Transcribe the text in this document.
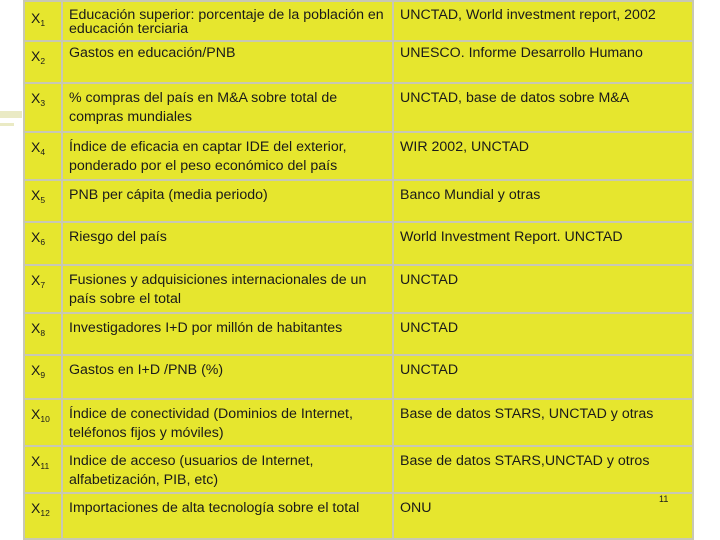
$X_1$	Educación superior: porcentaje de la población en educación terciaria	UNCTAD, World investment report, 2002
$X_2$	Gastos en educación/PNB	UNESCO. Informe Desarrollo Humano
$X_3$	% compras del país en M&A sobre total de compras mundiales	UNCTAD, base de datos sobre M&A
$X_4$	Índice de eficacia en captar IDE del exterior, ponderado por el peso económico del país	WIR 2002, UNCTAD
$X_5$	PNB per cápita (media periodo)	Banco Mundial y otras
$X_6$	Riesgo del país	World Investment Report. UNCTAD
$X_7$	Fusiones y adquisiciones internacionales de un país sobre el total	UNCTAD
$X_8$	Investigadores I+D por millón de habitantes	UNCTAD
$X_9$	Gastos en I+D /PNB (%)	UNCTAD
$X_{10}$	Índice de conectividad (Dominios de Internet, teléfonos fijos y móviles)	Base de datos STARS, UNCTAD y otras
$X_{11}$	Indice de acceso (usuarios de Internet, alfabetización, PIB, etc)	Base de datos STARS,UNCTAD y otros
$X_{12}$	Importaciones de alta tecnología sobre el total	ONU
11
